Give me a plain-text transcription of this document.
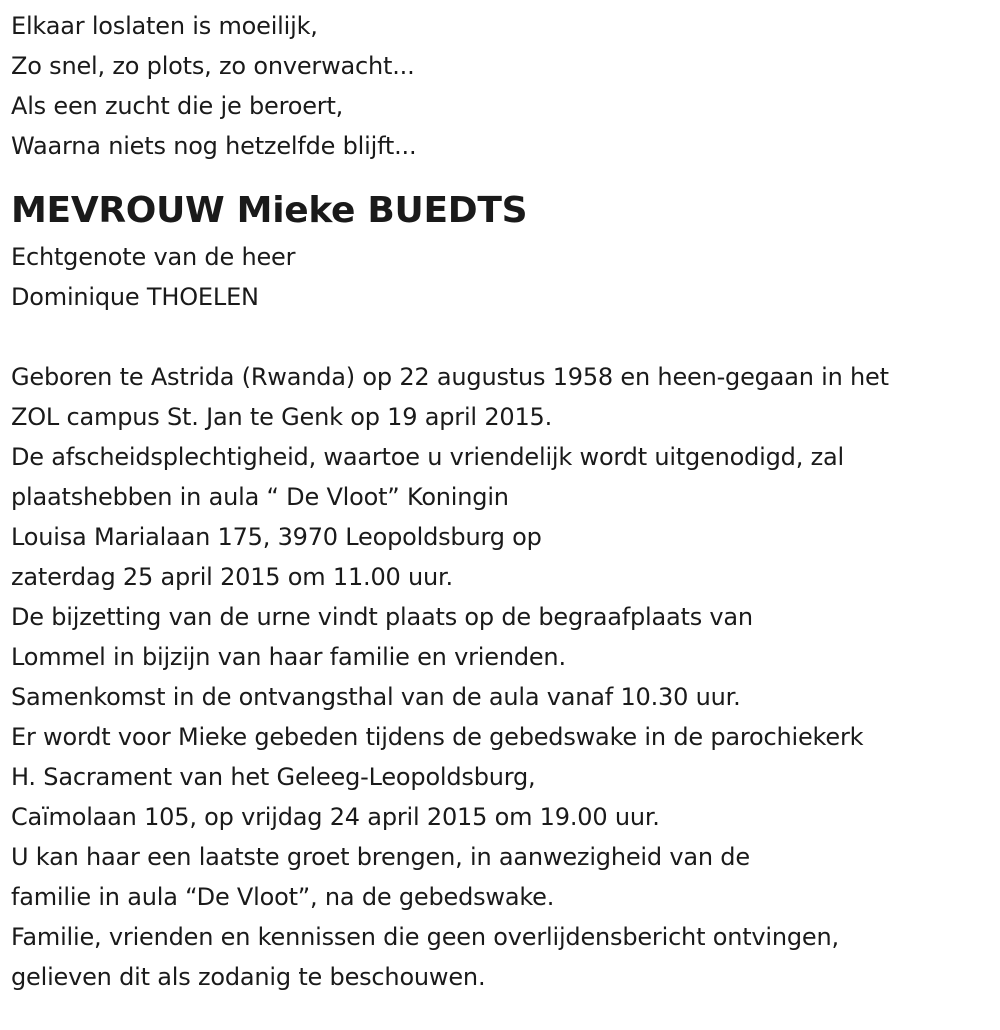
Elkaar loslaten is moeilijk,
Zo snel, zo plots, zo onverwacht...
Als een zucht die je beroert,
Waarna niets nog hetzelfde blijft...
MEVROUW Mieke BUEDTS
Echtgenote van de heer
Dominique THOELEN
Geboren te Astrida (Rwanda) op 22 augustus 1958 en heen-gegaan in het
ZOL campus St. Jan te Genk op 19 april 2015.
De afscheidsplechtigheid, waartoe u vriendelijk wordt uitgenodigd, zal
plaatshebben in aula “ De Vloot” Koningin
Louisa Marialaan 175, 3970 Leopoldsburg op
zaterdag 25 april 2015 om 11.00 uur.
De bijzetting van de urne vindt plaats op de begraafplaats van
Lommel in bijzijn van haar familie en vrienden.
Samenkomst in de ontvangsthal van de aula vanaf 10.30 uur.
Er wordt voor Mieke gebeden tijdens de gebedswake in de parochiekerk
H. Sacrament van het Geleeg-Leopoldsburg,
Caïmolaan 105, op vrijdag 24 april 2015 om 19.00 uur.
U kan haar een laatste groet brengen, in aanwezigheid van de
familie in aula “De Vloot”, na de gebedswake.
Familie, vrienden en kennissen die geen overlijdensbericht ontvingen,
gelieven dit als zodanig te beschouwen.
